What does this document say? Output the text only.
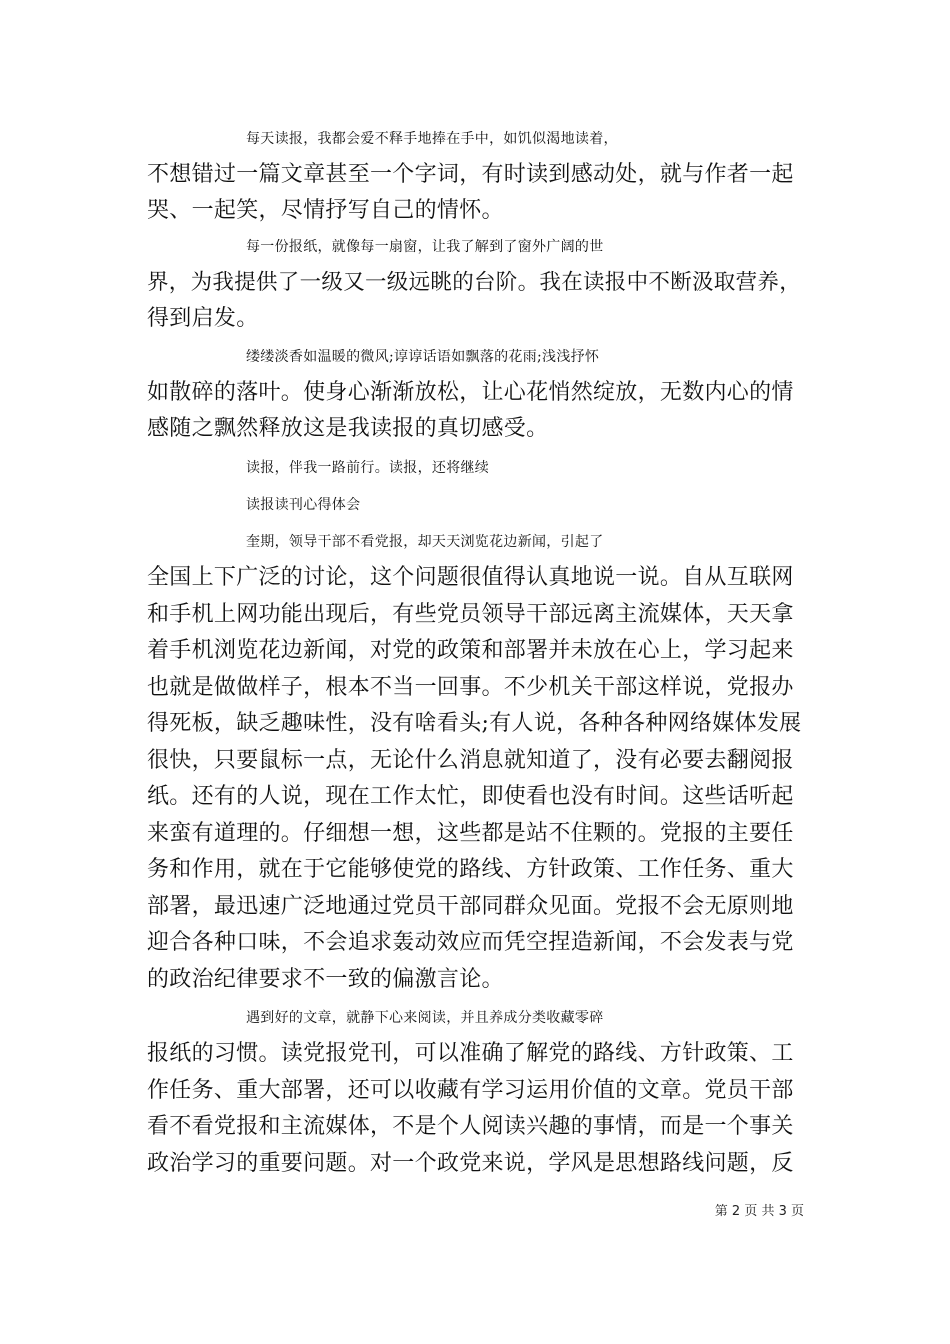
每天读报，我都会爱不释手地捧在手中，如饥似渴地读着，
不想错过一篇文章甚至一个字词，有时读到感动处，就与作者一起
哭、一起笑，尽情抒写自己的情怀。
每一份报纸，就像每一扇窗，让我了解到了窗外广阔的世
界，为我提供了一级又一级远眺的台阶。我在读报中不断汲取营养，
得到启发。
缕缕淡香如温暖的微风;谆谆话语如飘落的花雨;浅浅抒怀
如散碎的落叶。使身心渐渐放松，让心花悄然绽放，无数内心的情
感随之飘然释放这是我读报的真切感受。
读报，伴我一路前行。读报，还将继续
读报读刊心得体会
奎期，领导干部不看党报，却天天浏览花边新闻，引起了
全国上下广泛的讨论，这个问题很值得认真地说一说。自从互联网
和手机上网功能出现后，有些党员领导干部远离主流媒体，天天拿
着手机浏览花边新闻，对党的政策和部署并未放在心上，学习起来
也就是做做样子，根本不当一回事。不少机关干部这样说，党报办
得死板，缺乏趣味性，没有啥看头;有人说，各种各种网络媒体发展
很快，只要鼠标一点，无论什么消息就知道了，没有必要去翻阅报
纸。还有的人说，现在工作太忙，即使看也没有时间。这些话听起
来蛮有道理的。仔细想一想，这些都是站不住颗的。党报的主要任
务和作用，就在于它能够使党的路线、方针政策、工作任务、重大
部署，最迅速广泛地通过党员干部同群众见面。党报不会无原则地
迎合各种口味，不会追求轰动效应而凭空捏造新闻，不会发表与党
的政治纪律要求不一致的偏激言论。
遇到好的文章，就静下心来阅读，并且养成分类收藏零碎
报纸的习惯。读党报党刊，可以准确了解党的路线、方针政策、工
作任务、重大部署，还可以收藏有学习运用价值的文章。党员干部
看不看党报和主流媒体，不是个人阅读兴趣的事情，而是一个事关
政治学习的重要问题。对一个政党来说，学风是思想路线问题，反
第 2 页 共 3 页
